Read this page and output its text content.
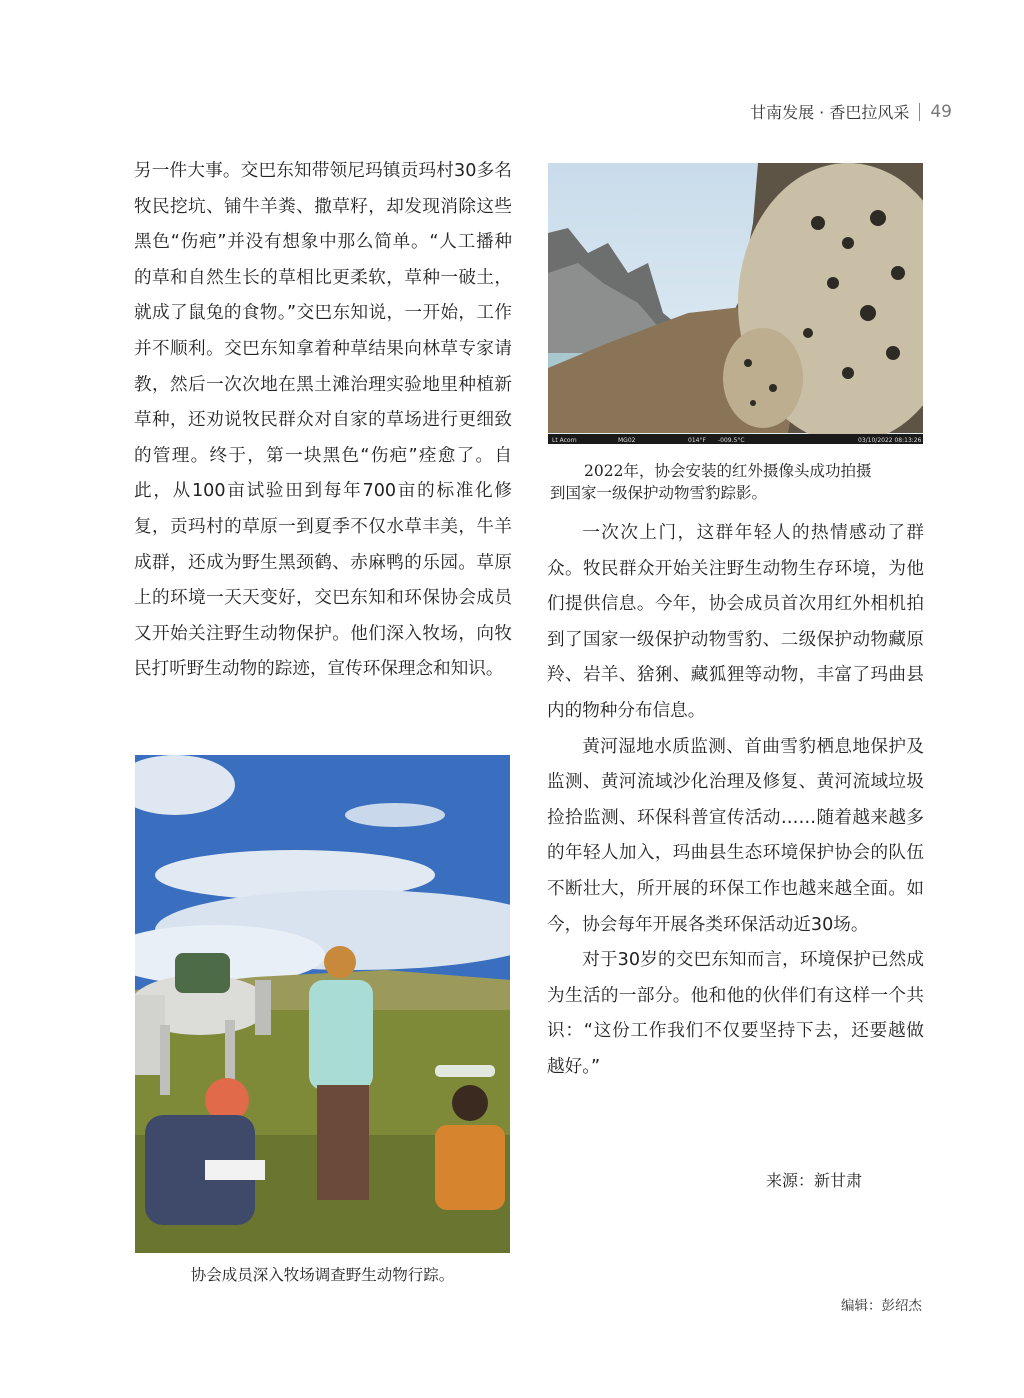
甘南发展 · 香巴拉风采 49

另一件大事。交巴东知带领尼玛镇贡玛村30多名牧民挖坑、铺牛羊粪、撒草籽，却发现消除这些黑色“伤疤”并没有想象中那么简单。“人工播种的草和自然生长的草相比更柔软，草种一破土，就成了鼠兔的食物。”交巴东知说，一开始，工作并不顺利。交巴东知拿着种草结果向林草专家请教，然后一次次地在黑土滩治理实验地里种植新草种，还劝说牧民群众对自家的草场进行更细致的管理。终于，第一块黑色“伤疤”痊愈了。自此，从100亩试验田到每年700亩的标准化修复，贡玛村的草原一到夏季不仅水草丰美，牛羊成群，还成为野生黑颈鹤、赤麻鸭的乐园。草原上的环境一天天变好，交巴东知和环保协会成员又开始关注野生动物保护。他们深入牧场，向牧民打听野生动物的踪迹，宣传环保理念和知识。

Lt Acorn	MG02	014°F -009.5°C	03/10/2022 08:13:26
2022年，协会安装的红外摄像头成功拍摄
到国家一级保护动物雪豹踪影。

一次次上门，这群年轻人的热情感动了群众。牧民群众开始关注野生动物生存环境，为他们提供信息。今年，协会成员首次用红外相机拍到了国家一级保护动物雪豹、二级保护动物藏原羚、岩羊、猞猁、藏狐狸等动物，丰富了玛曲县内的物种分布信息。

黄河湿地水质监测、首曲雪豹栖息地保护及监测、黄河流域沙化治理及修复、黄河流域垃圾捡拾监测、环保科普宣传活动……随着越来越多的年轻人加入，玛曲县生态环境保护协会的队伍不断壮大，所开展的环保工作也越来越全面。如今，协会每年开展各类环保活动近30场。

对于30岁的交巴东知而言，环境保护已然成为生活的一部分。他和他的伙伴们有这样一个共识：“这份工作我们不仅要坚持下去，还要越做越好。”

协会成员深入牧场调查野生动物行踪。
来源：新甘肃
编辑：彭绍杰
